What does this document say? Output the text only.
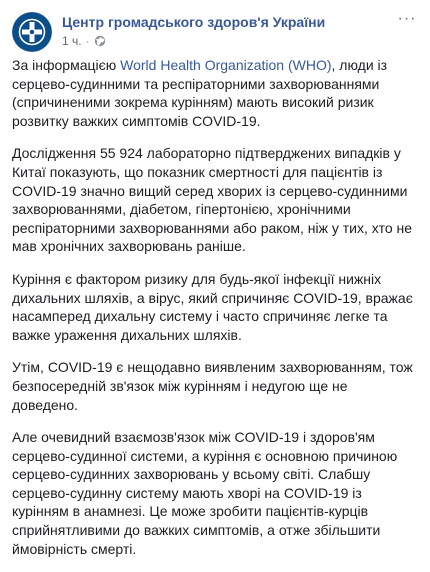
Центр громадського здоров'я України
1 ч. ·
···

За інформацією World Health Organization (WHO), люди із серцево-судинними та респіраторними захворюваннями (спричиненими зокрема курінням) мають високий ризик розвитку важких симптомів COVID-19.

Дослідження 55 924 лабораторно підтверджених випадків у Китаї показують, що показник смертності для пацієнтів із COVID-19 значно вищий серед хворих із серцево-судинними захворюваннями, діабетом, гіпертонією, хронічними респіраторними захворюваннями або раком, ніж у тих, хто не мав хронічних захворювань раніше.

Куріння є фактором ризику для будь-якої інфекції нижніх дихальних шляхів, а вірус, який спричиняє COVID-19, вражає насамперед дихальну систему і часто спричиняє легке та важке ураження дихальних шляхів.

Утім, COVID-19 є нещодавно виявленим захворюванням, тож безпосередній зв'язок між курінням і недугою ще не доведено.

Але очевидний взаємозв'язок між COVID-19 і здоров'ям серцево-судинної системи, а куріння є основною причиною серцево-судинних захворювань у всьому світі. Слабшу серцево-судинну систему мають хворі на COVID-19 із курінням в анамнезі. Це може зробити пацієнтів-курців сприйнятливими до важких симптомів, а отже збільшити ймовірність смерті.
